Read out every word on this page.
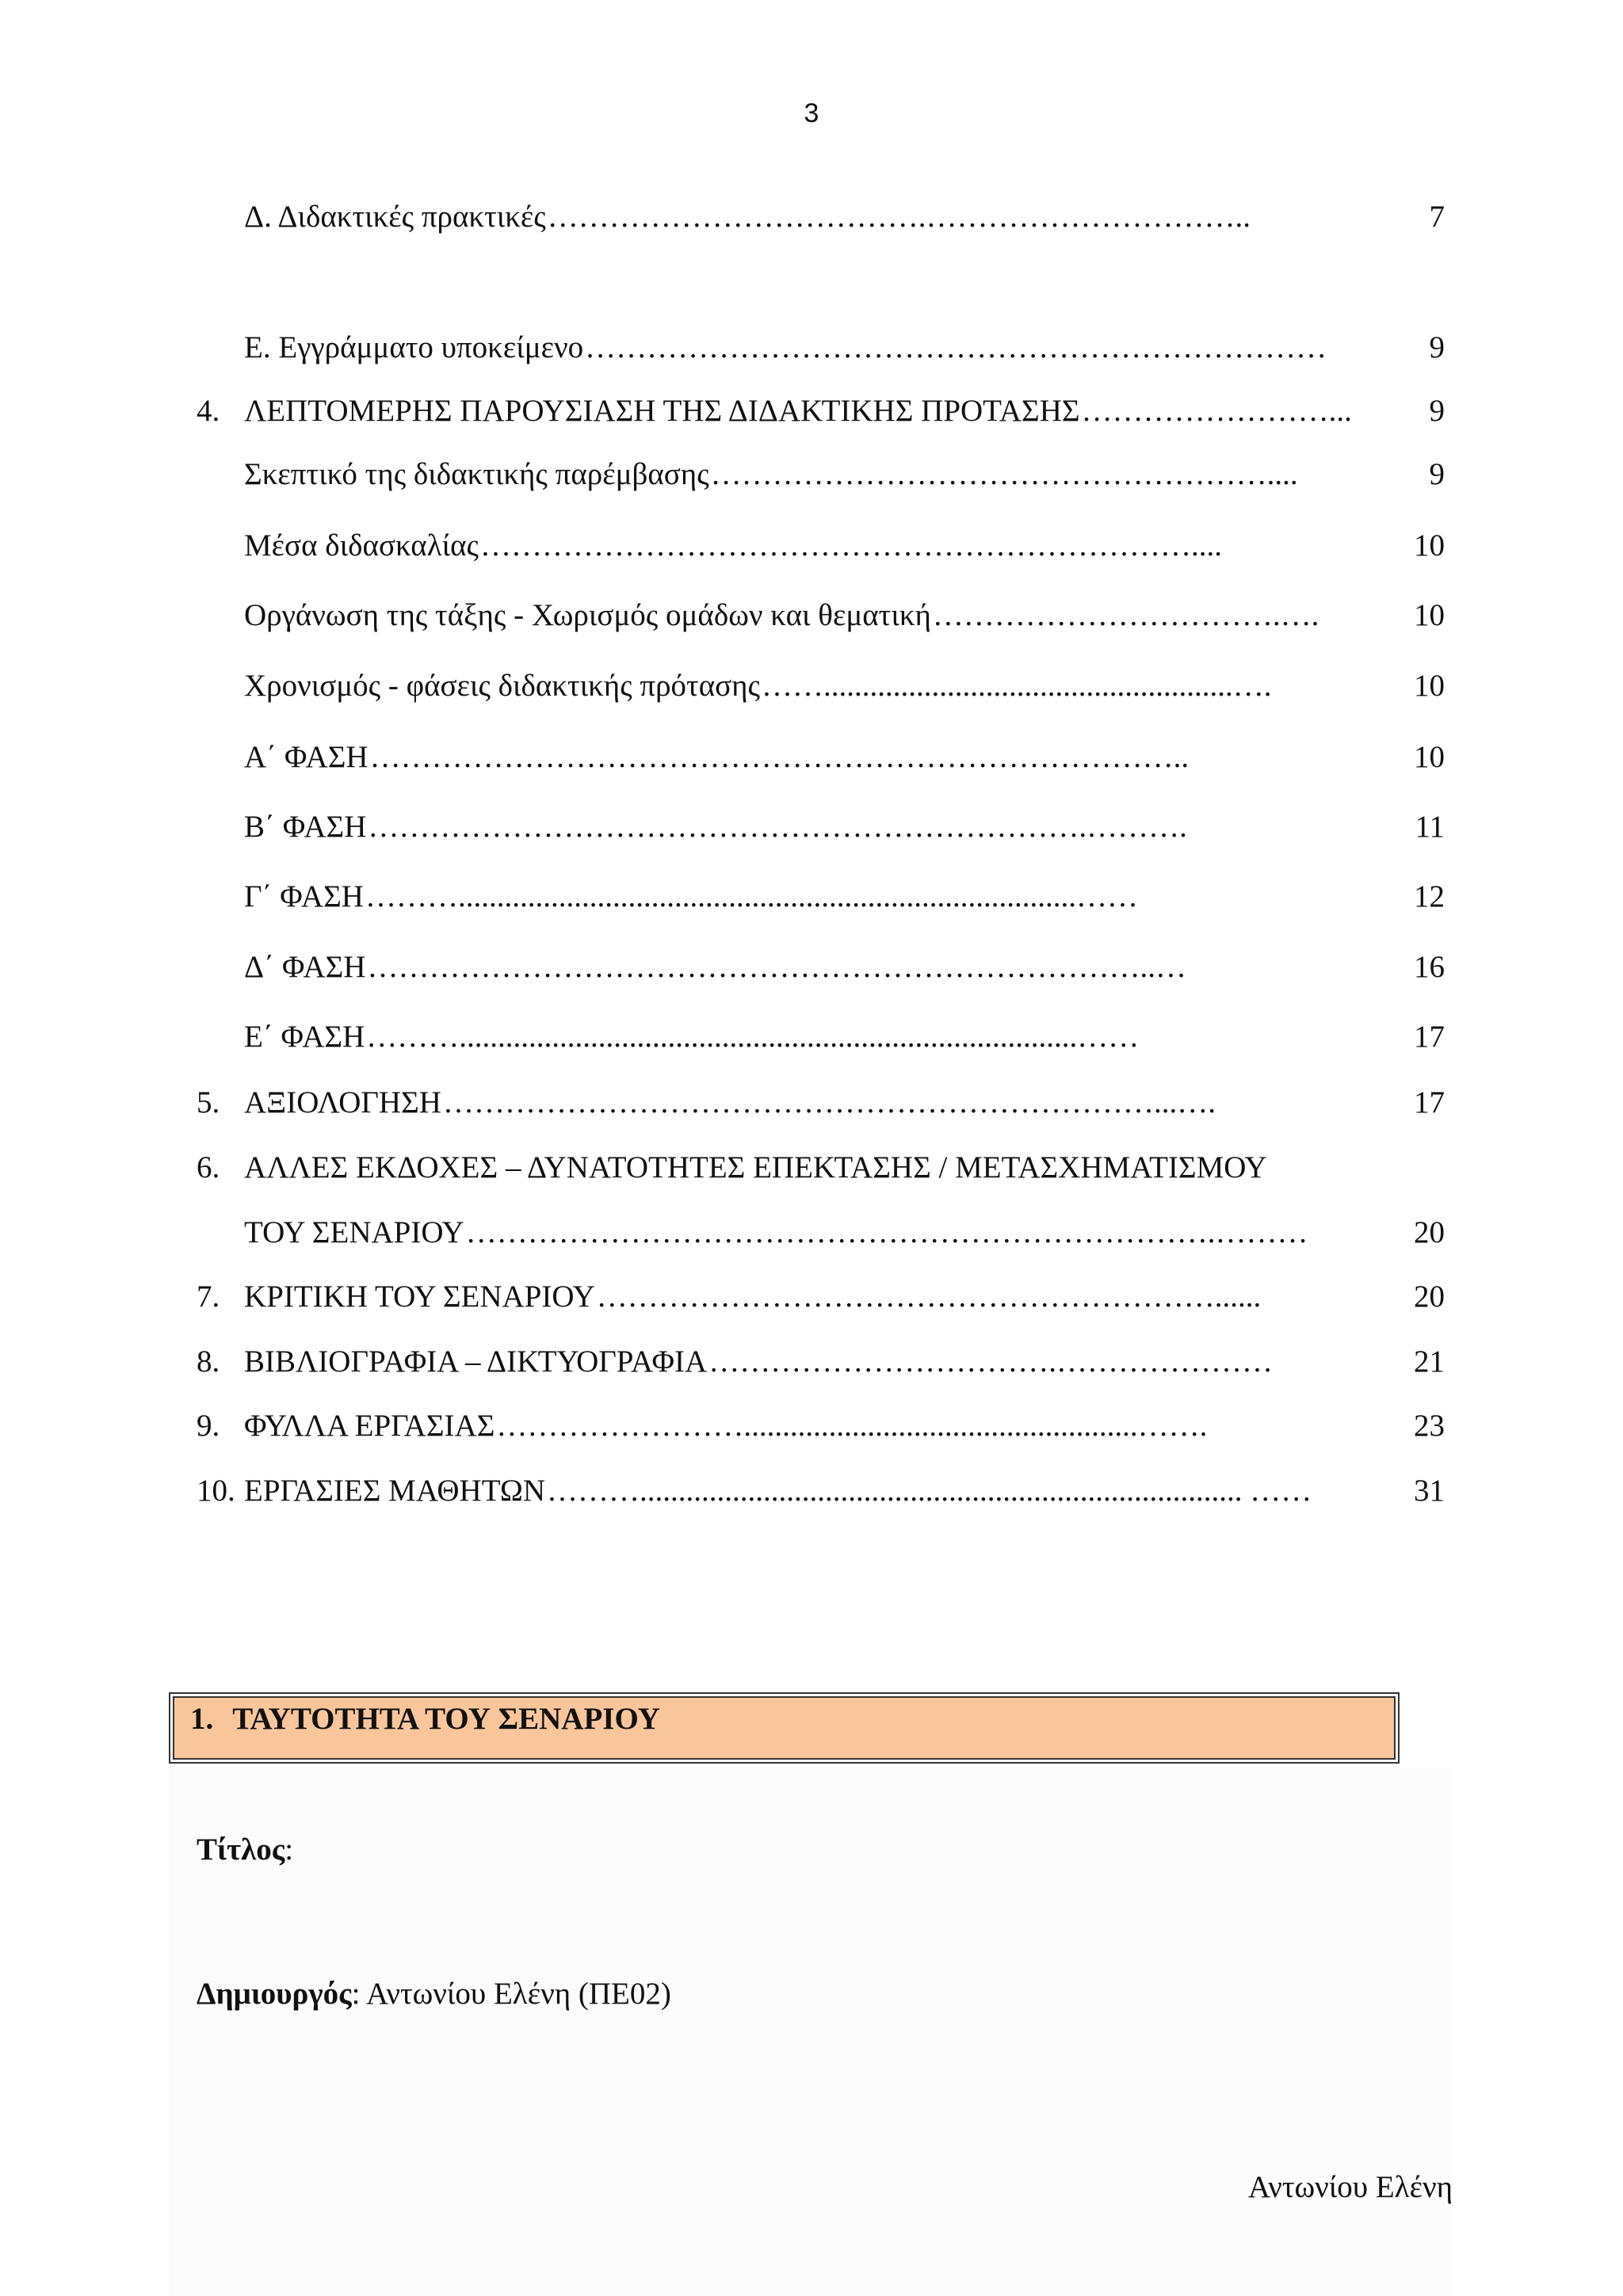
3
Δ. Διδακτικές πρακτικές ……………………………….…………………………..	7
Ε. Εγγράμματο υποκείμενο ………………………………………………………………	9
4. ΛΕΠΤΟΜΕΡΗΣ ΠΑΡΟΥΣΙΑΣΗ ΤΗΣ ΔΙΔΑΚΤΙΚΗΣ ΠΡΟΤΑΣΗΣ ……………………...	9
Σκεπτικό της διδακτικής παρέμβασης ………………………………………………....	9
Μέσα διδασκαλίας ……………………………………………………………....	10
Οργάνωση της τάξης - Χωρισμός ομάδων και θεματική …………………………….….	10
Χρονισμός - φάσεις διδακτικής πρότασης …….....................................................….	10
Α΄ ΦΑΣΗ ……………………………………………………………………..	10
Β΄ ΦΑΣΗ …………………………………………………………….……….	11
Γ΄ ΦΑΣΗ ………................................................................................……	12
Δ΄ ΦΑΣΗ …………………………………………………………………..…	16
Ε΄ ΦΑΣΗ ………................................................................................……	17
5. ΑΞΙΟΛΟΓΗΣΗ ……………………………………………………………...….	17
6. ΑΛΛΕΣ ΕΚΔΟΧΕΣ – ΔΥΝΑΤΟΤΗΤΕΣ ΕΠΕΚΤΑΣΗΣ / ΜΕΤΑΣΧΗΜΑΤΙΣΜΟΥ
ΤΟΥ ΣΕΝΑΡΙΟΥ ……………………………………………………………….………	20
7. ΚΡΙΤΙΚΗ ΤΟΥ ΣΕΝΑΡΙΟΥ ……………………………………………………......	20
8. ΒΙΒΛΙΟΓΡΑΦΙΑ – ΔΙΚΤΥΟΓΡΑΦΙΑ …………………………….…………………	21
9. ΦΥΛΛΑ ΕΡΓΑΣΙΑΣ ……………………...................................................…….	23
10. ΕΡΓΑΣΙΕΣ ΜΑΘΗΤΩΝ ……….............................................................................. ……	31
1. ΤΑΥΤΟΤΗΤΑ ΤΟΥ ΣΕΝΑΡΙΟΥ
Τίτλος:
Δημιουργός: Αντωνίου Ελένη (ΠΕ02)
Αντωνίου Ελένη
